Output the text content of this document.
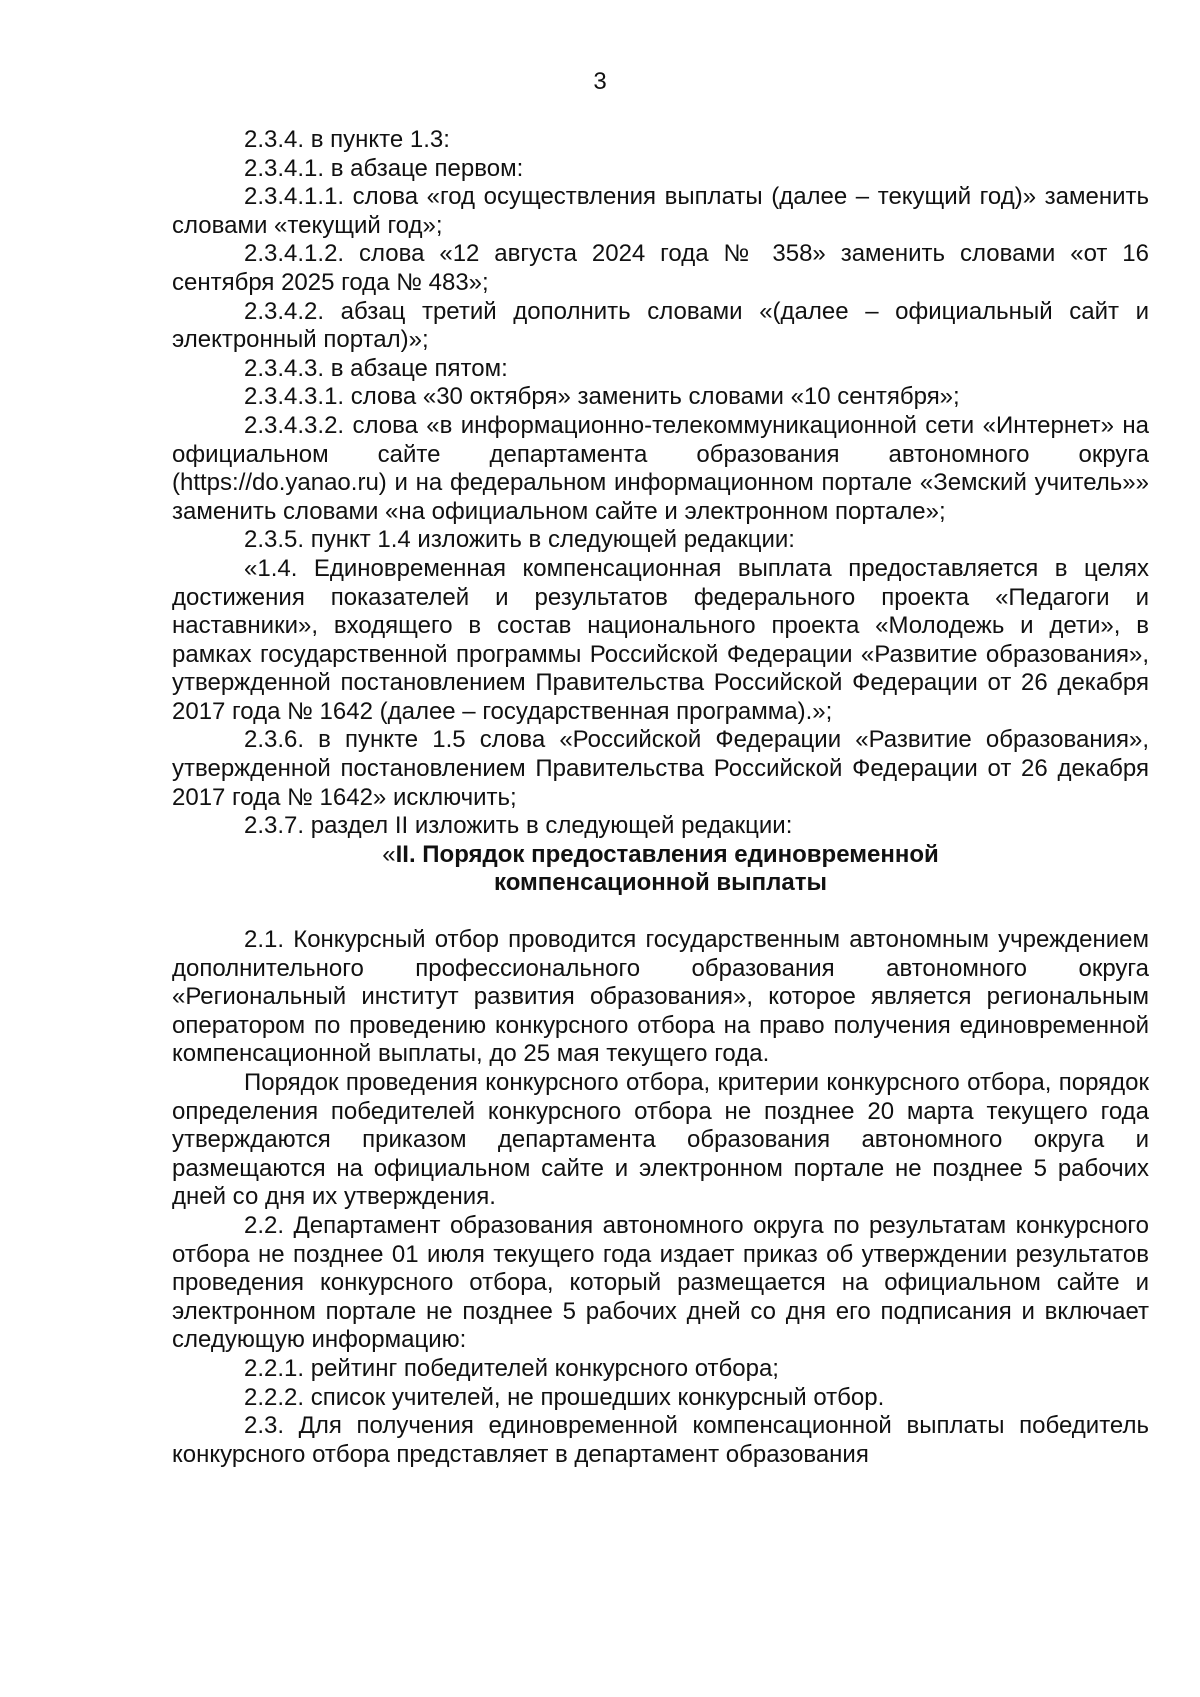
3

2.3.4. в пункте 1.3:

2.3.4.1. в абзаце первом:

2.3.4.1.1. слова «год осуществления выплаты (далее – текущий год)» заменить словами «текущий год»;

2.3.4.1.2. слова «12 августа 2024 года № 358» заменить словами «от 16 сентября 2025 года № 483»;

2.3.4.2. абзац третий дополнить словами «(далее – официальный сайт и электронный портал)»;

2.3.4.3. в абзаце пятом:

2.3.4.3.1. слова «30 октября» заменить словами «10 сентября»;

2.3.4.3.2. слова «в информационно-телекоммуникационной сети «Интернет» на официальном сайте департамента образования автономного округа (https://do.yanao.ru) и на федеральном информационном портале «Земский учитель»» заменить словами «на официальном сайте и электронном портале»;

2.3.5. пункт 1.4 изложить в следующей редакции:

«1.4. Единовременная компенсационная выплата предоставляется в целях достижения показателей и результатов федерального проекта «Педагоги и наставники», входящего в состав национального проекта «Молодежь и дети», в рамках государственной программы Российской Федерации «Развитие образования», утвержденной постановлением Правительства Российской Федерации от 26 декабря 2017 года № 1642 (далее – государственная программа).»;

2.3.6. в пункте 1.5 слова «Российской Федерации «Развитие образования», утвержденной постановлением Правительства Российской Федерации от 26 декабря 2017 года № 1642» исключить;

2.3.7. раздел II изложить в следующей редакции:

«II. Порядок предоставления единовременной
компенсационной выплаты

2.1. Конкурсный отбор проводится государственным автономным учреждением дополнительного профессионального образования автономного округа «Региональный институт развития образования», которое является региональным оператором по проведению конкурсного отбора на право получения единовременной компенсационной выплаты, до 25 мая текущего года.

Порядок проведения конкурсного отбора, критерии конкурсного отбора, порядок определения победителей конкурсного отбора не позднее 20 марта текущего года утверждаются приказом департамента образования автономного округа и размещаются на официальном сайте и электронном портале не позднее 5 рабочих дней со дня их утверждения.

2.2. Департамент образования автономного округа по результатам конкурсного отбора не позднее 01 июля текущего года издает приказ об утверждении результатов проведения конкурсного отбора, который размещается на официальном сайте и электронном портале не позднее 5 рабочих дней со дня его подписания и включает следующую информацию:

2.2.1. рейтинг победителей конкурсного отбора;

2.2.2. список учителей, не прошедших конкурсный отбор.

2.3. Для получения единовременной компенсационной выплаты победитель конкурсного отбора представляет в департамент образования
